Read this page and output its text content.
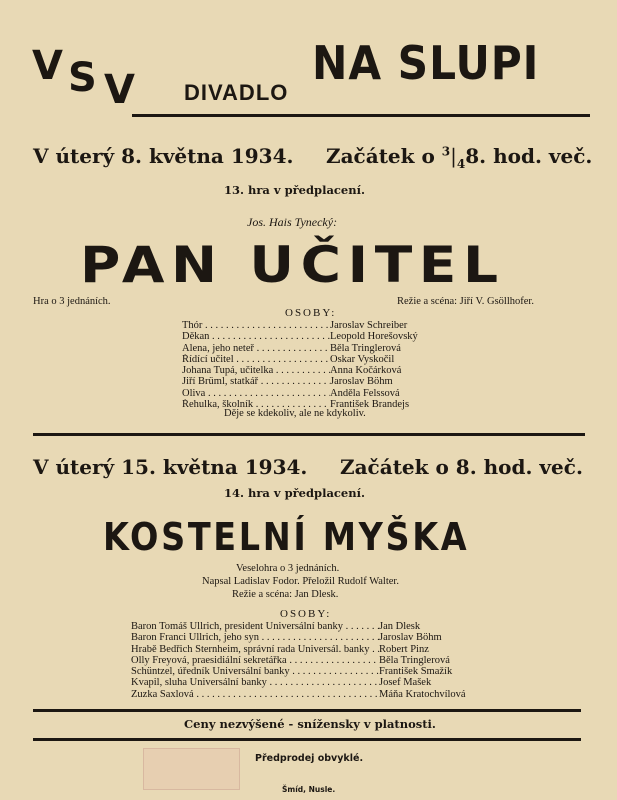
V S V DIVADLO
NA SLUPI
V úterý 8. května 1934. Začátek o $^3|_48$. hod. več.
13. hra v předplacení.
Jos. Hais Tynecký:
PAN UČITEL
Hra o 3 jednáních.	Režie a scéna: Jiří V. Gsöllhofer.
OSOBY:
Thór . . .	Jaroslav Schreiber
Děkan . . .	Leopold Horešovský
Alena, jeho neteř . . .	Běla Tringlerová
Řídící učitel . . .	Oskar Vyskočil
Johana Tupá, učitelka . . .	Anna Kočárková
Jiří Brüml, statkář . . .	Jaroslav Böhm
Oliva . . .	Anděla Felssová
Řehulka, školník . . .	František Brandejs
Děje se kdekoliv, ale ne kdykoliv.
V úterý 15. května 1934. Začátek o 8. hod. več.
14. hra v předplacení.
KOSTELNÍ MYŠKA
Veselohra o 3 jednáních.
Napsal Ladislav Fodor. Přeložil Rudolf Walter.
Režie a scéna: Jan Dlesk.
OSOBY:
Baron Tomáš Ullrich, president Universální banky . . .	Jan Dlesk
Baron Franci Ullrich, jeho syn . . .	Jaroslav Böhm
Hrabě Bedřich Sternheim, správní rada Universál. banky . . . Robert Pinz
Olly Freyová, praesidiální sekretářka . . .	Běla Tringlerová
Schüntzel, úředník Universální banky . . .	František Smažík
Kvapil, sluha Universální banky . . .	Josef Mašek
Zuzka Saxlová . . .	Máňa Kratochvílová
Ceny nezvýšené - snížensky v platnosti.
Předprodej obvyklé.
Šmíd, Nusle.
